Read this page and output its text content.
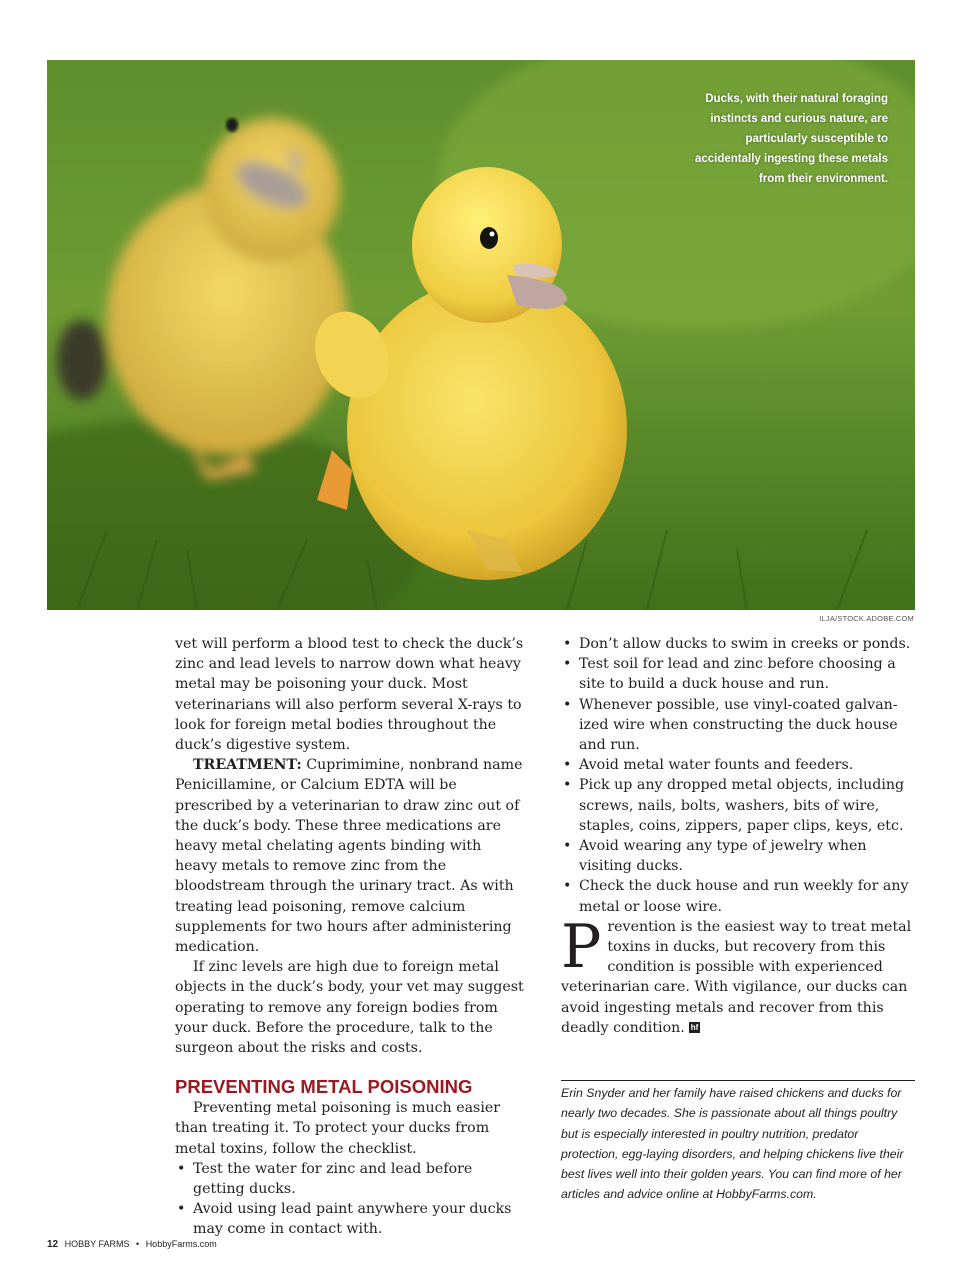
Ducks, with their natural foraging instincts and curious nature, are particularly susceptible to accidentally ingesting these metals from their environment.
ILJA/STOCK.ADOBE.COM

vet will perform a blood test to check the duck’s zinc and lead levels to narrow down what heavy metal may be poisoning your duck. Most veterinarians will also perform several X-rays to look for foreign metal bodies throughout the duck’s digestive system.

TREATMENT: Cuprimimine, nonbrand name Penicillamine, or Calcium EDTA will be prescribed by a veterinarian to draw zinc out of the duck’s body. These three medications are heavy metal chelating agents binding with heavy metals to remove zinc from the bloodstream through the urinary tract. As with treating lead poisoning, remove calcium supplements for two hours after administering medication.

If zinc levels are high due to foreign metal objects in the duck’s body, your vet may suggest operating to remove any foreign bodies from your duck. Before the procedure, talk to the surgeon about the risks and costs.

PREVENTING METAL POISONING

Preventing metal poisoning is much easier than treating it. To protect your ducks from metal toxins, follow the checklist.

• Test the water for zinc and lead before getting ducks.
• Avoid using lead paint anywhere your ducks may come in contact with.
• Don’t allow ducks to swim in creeks or ponds.
• Test soil for lead and zinc before choosing a site to build a duck house and run.
• Whenever possible, use vinyl-coated galvanized wire when constructing the duck house and run.
• Avoid metal water founts and feeders.
• Pick up any dropped metal objects, including screws, nails, bolts, washers, bits of wire, staples, coins, zippers, paper clips, keys, etc.
• Avoid wearing any type of jewelry when visiting ducks.
• Check the duck house and run weekly for any metal or loose wire.

Prevention is the easiest way to treat metal toxins in ducks, but recovery from this condition is possible with experienced veterinarian care. With vigilance, our ducks can avoid ingesting metals and recover from this deadly condition. hf

Erin Snyder and her family have raised chickens and ducks for nearly two decades. She is passionate about all things poultry but is especially interested in poultry nutrition, predator protection, egg-laying disorders, and helping chickens live their best lives well into their golden years. You can find more of her articles and advice online at HobbyFarms.com.
12 HOBBY FARMS • HobbyFarms.com
